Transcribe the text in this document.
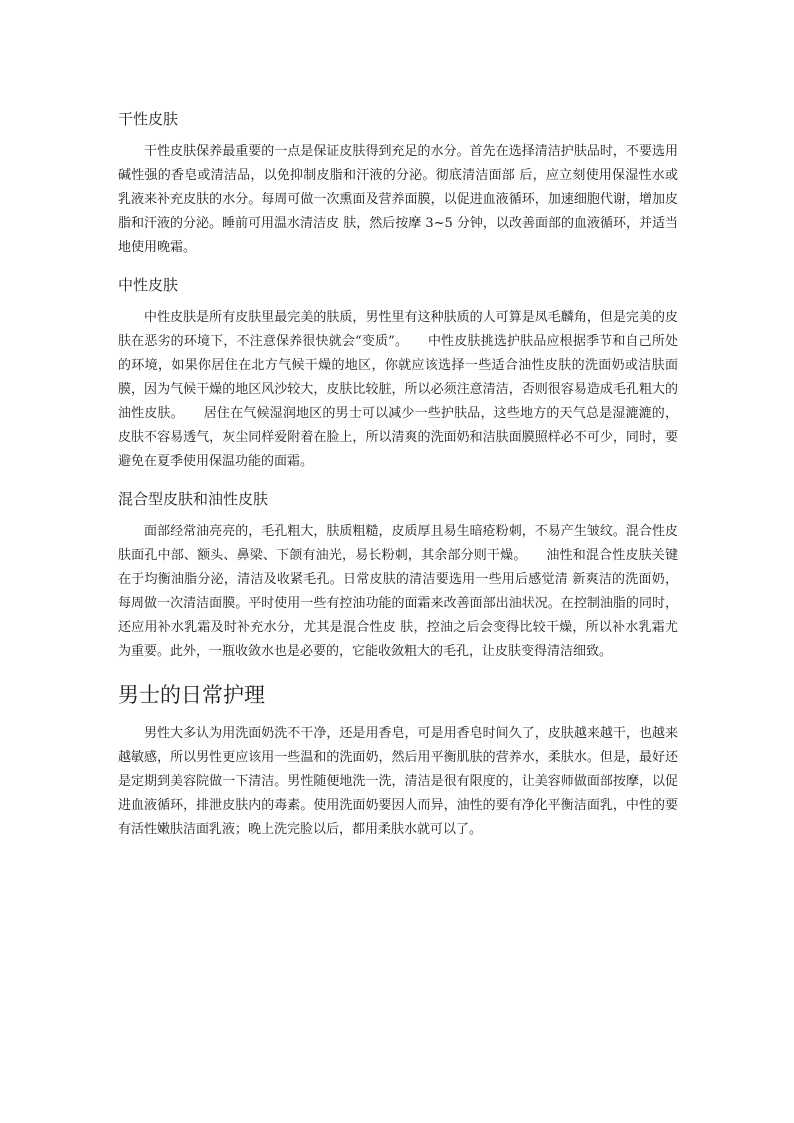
干性皮肤

　　干性皮肤保养最重要的一点是保证皮肤得到充足的水分。首先在选择清洁护肤品时，不要选用碱性强的香皂或清洁品，以免抑制皮脂和汗液的分泌。彻底清洁面部 后，应立刻使用保湿性水或乳液来补充皮肤的水分。每周可做一次熏面及营养面膜，以促进血液循环，加速细胞代谢，增加皮脂和汗液的分泌。睡前可用温水清洁皮 肤，然后按摩 3~5 分钟，以改善面部的血液循环，并适当地使用晚霜。

中性皮肤

　　中性皮肤是所有皮肤里最完美的肤质，男性里有这种肤质的人可算是凤毛麟角，但是完美的皮肤在恶劣的环境下，不注意保养很快就会“变质”。　　中性皮肤挑选护肤品应根据季节和自己所处的环境，如果你居住在北方气候干燥的地区，你就应该选择一些适合油性皮肤的洗面奶或洁肤面膜，因为气候干燥的地区风沙较大，皮肤比较脏，所以必须注意清洁，否则很容易造成毛孔粗大的油性皮肤。　　居住在气候湿润地区的男士可以减少一些护肤品，这些地方的天气总是湿漉漉的，皮肤不容易透气，灰尘同样爱附着在脸上，所以清爽的洗面奶和洁肤面膜照样必不可少，同时，要避免在夏季使用保温功能的面霜。

混合型皮肤和油性皮肤

　　面部经常油亮亮的，毛孔粗大，肤质粗糙，皮质厚且易生暗疮粉刺，不易产生皱纹。混合性皮肤面孔中部、额头、鼻梁、下颌有油光，易长粉刺，其余部分则干燥。　　油性和混合性皮肤关键在于均衡油脂分泌，清洁及收紧毛孔。日常皮肤的清洁要选用一些用后感觉清 新爽洁的洗面奶，每周做一次清洁面膜。平时使用一些有控油功能的面霜来改善面部出油状况。在控制油脂的同时，还应用补水乳霜及时补充水分，尤其是混合性皮 肤，控油之后会变得比较干燥，所以补水乳霜尤为重要。此外，一瓶收敛水也是必要的，它能收敛粗大的毛孔，让皮肤变得清洁细致。

男士的日常护理

　　男性大多认为用洗面奶洗不干净，还是用香皂，可是用香皂时间久了，皮肤越来越干，也越来越敏感，所以男性更应该用一些温和的洗面奶，然后用平衡肌肤的营养水，柔肤水。但是，最好还是定期到美容院做一下清洁。男性随便地洗一洗，清洁是很有限度的，让美容师做面部按摩，以促进血液循环，排泄皮肤内的毒素。使用洗面奶要因人而异，油性的要有净化平衡洁面乳，中性的要有活性嫩肤洁面乳液；晚上洗完脸以后，都用柔肤水就可以了。
